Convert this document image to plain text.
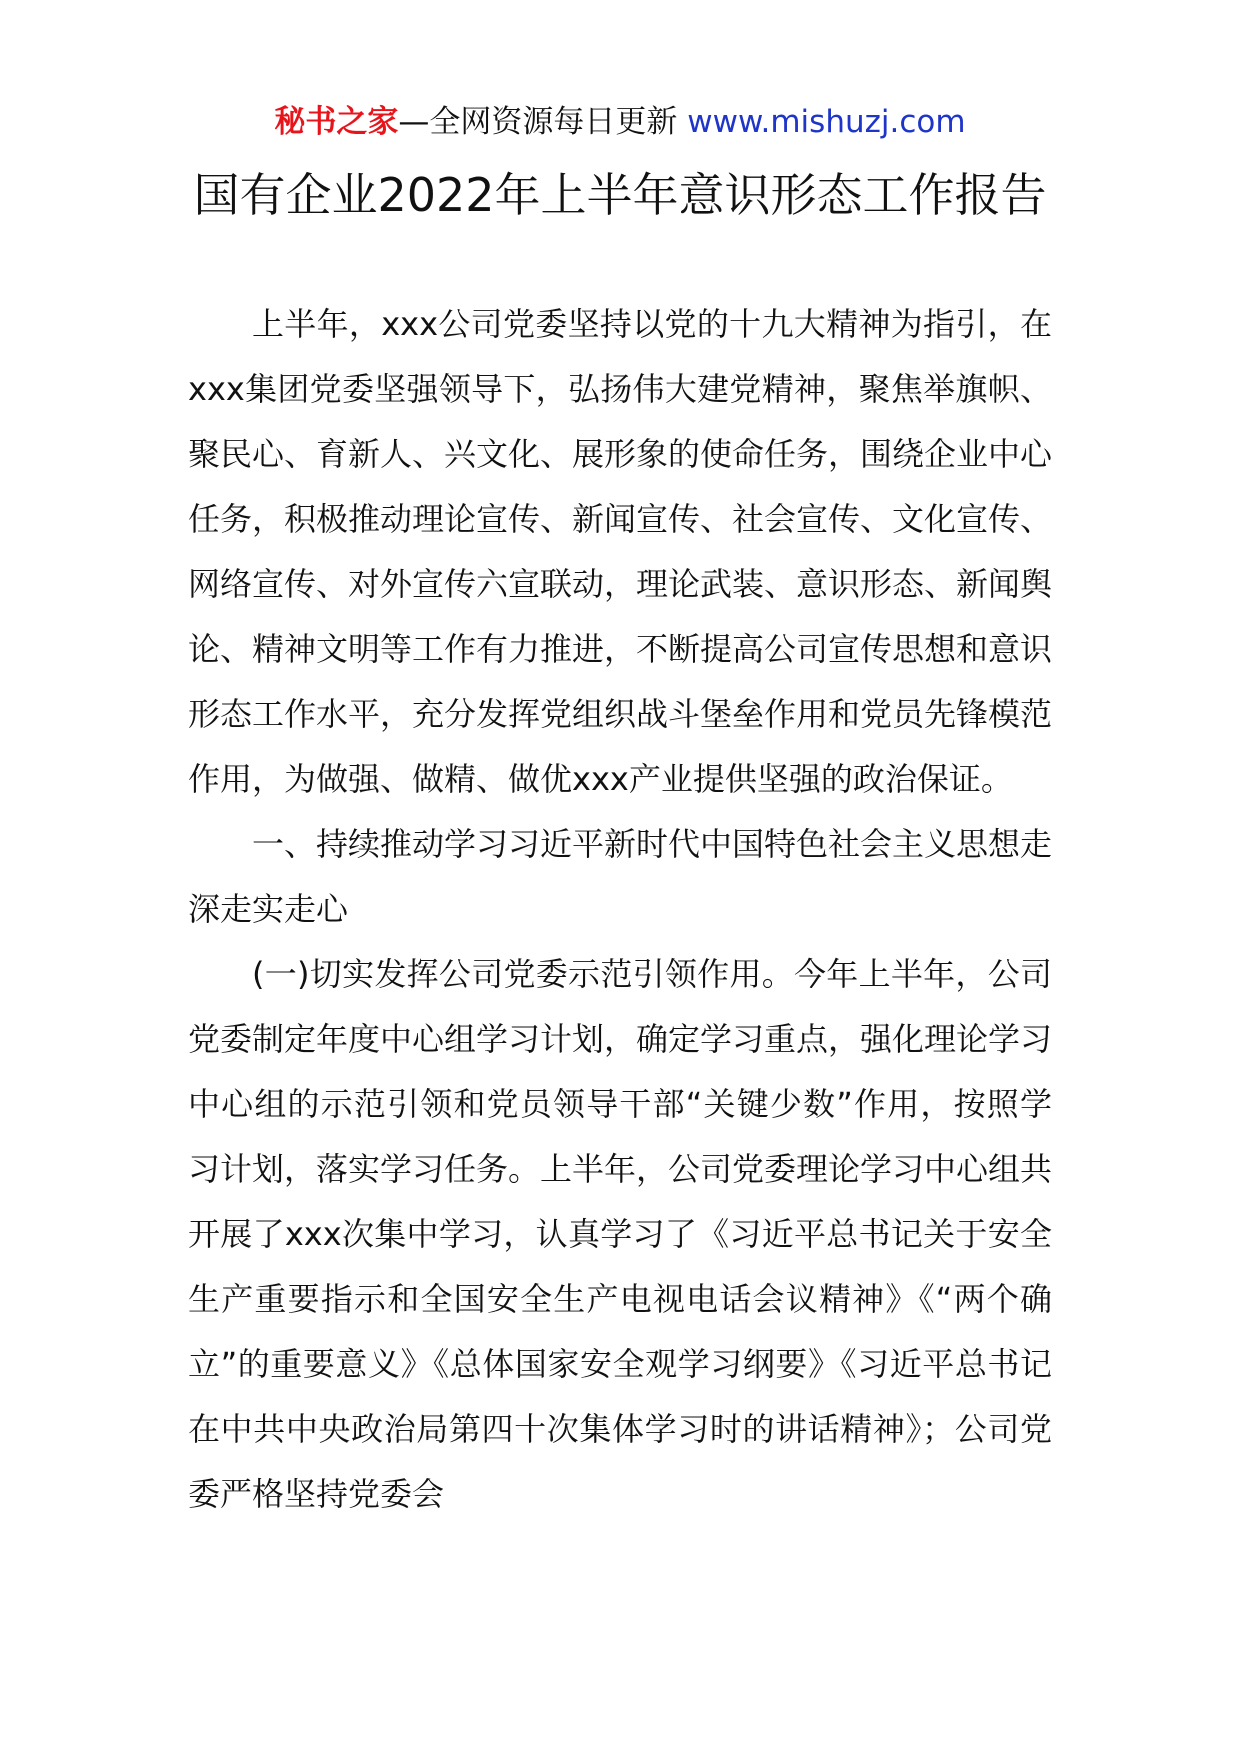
秘书之家—全网资源每日更新 www.mishuzj.com
国有企业2022年上半年意识形态工作报告

上半年，xxx公司党委坚持以党的十九大精神为指引，在xxx集团党委坚强领导下，弘扬伟大建党精神，聚焦举旗帜、聚民心、育新人、兴文化、展形象的使命任务，围绕企业中心任务，积极推动理论宣传、新闻宣传、社会宣传、文化宣传、网络宣传、对外宣传六宣联动，理论武装、意识形态、新闻舆论、精神文明等工作有力推进，不断提高公司宣传思想和意识形态工作水平，充分发挥党组织战斗堡垒作用和党员先锋模范作用，为做强、做精、做优xxx产业提供坚强的政治保证。

一、持续推动学习习近平新时代中国特色社会主义思想走深走实走心

(一)切实发挥公司党委示范引领作用。今年上半年，公司党委制定年度中心组学习计划，确定学习重点，强化理论学习中心组的示范引领和党员领导干部“关键少数”作用，按照学习计划，落实学习任务。上半年，公司党委理论学习中心组共开展了xxx次集中学习，认真学习了《习近平总书记关于安全生产重要指示和全国安全生产电视电话会议精神》《“两个确立”的重要意义》《总体国家安全观学习纲要》《习近平总书记在中共中央政治局第四十次集体学习时的讲话精神》；公司党委严格坚持党委会
